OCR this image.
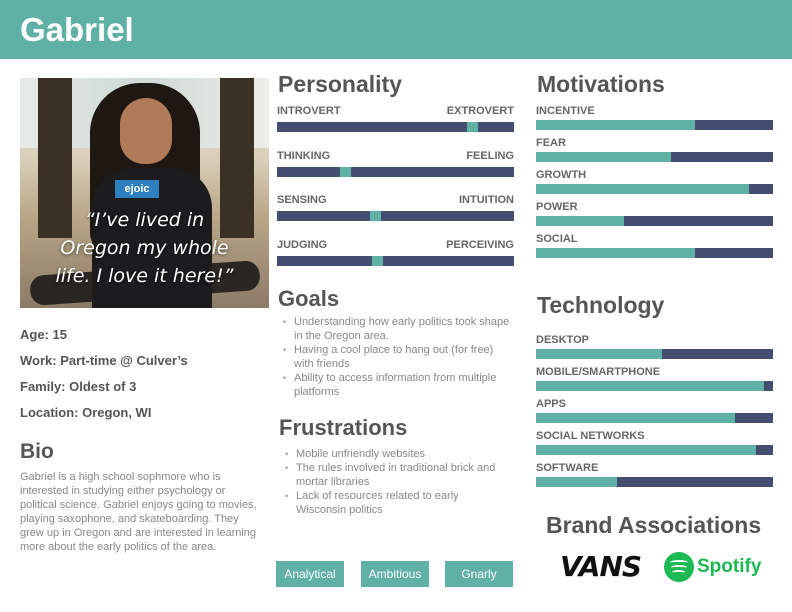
Gabriel
ejoic
“I’ve lived in
Oregon my whole
life. I love it here!”
Age: 15
Work: Part-time @ Culver’s
Family: Oldest of 3
Location: Oregon, WI
Bio
Gabriel is a high school sophmore who is interested in studying either psychology or political science. Gabriel enjoys going to movies, playing saxophone, and skateboarding. They grew up in Oregon and are interested in learning more about the early politics of the area.
Personality
INTROVERT	EXTROVERT
THINKING	FEELING
SENSING	INTUITION
JUDGING	PERCEIVING
Goals
• Understanding how early politics took shape in the Oregon area.
• Having a cool place to hang out (for free) with friends
• Ability to access information from multiple platforms
Frustrations
• Mobile unfriendly websites
• The rules involved in traditional brick and mortar libraries
• Lack of resources related to early Wisconsin politics
Analytical	Ambitious	Gnarly
Motivations
INCENTIVE
FEAR
GROWTH
POWER
SOCIAL
Technology
DESKTOP
MOBILE/SMARTPHONE
APPS
SOCIAL NETWORKS
SOFTWARE
Brand Associations
VANS	Spotify
